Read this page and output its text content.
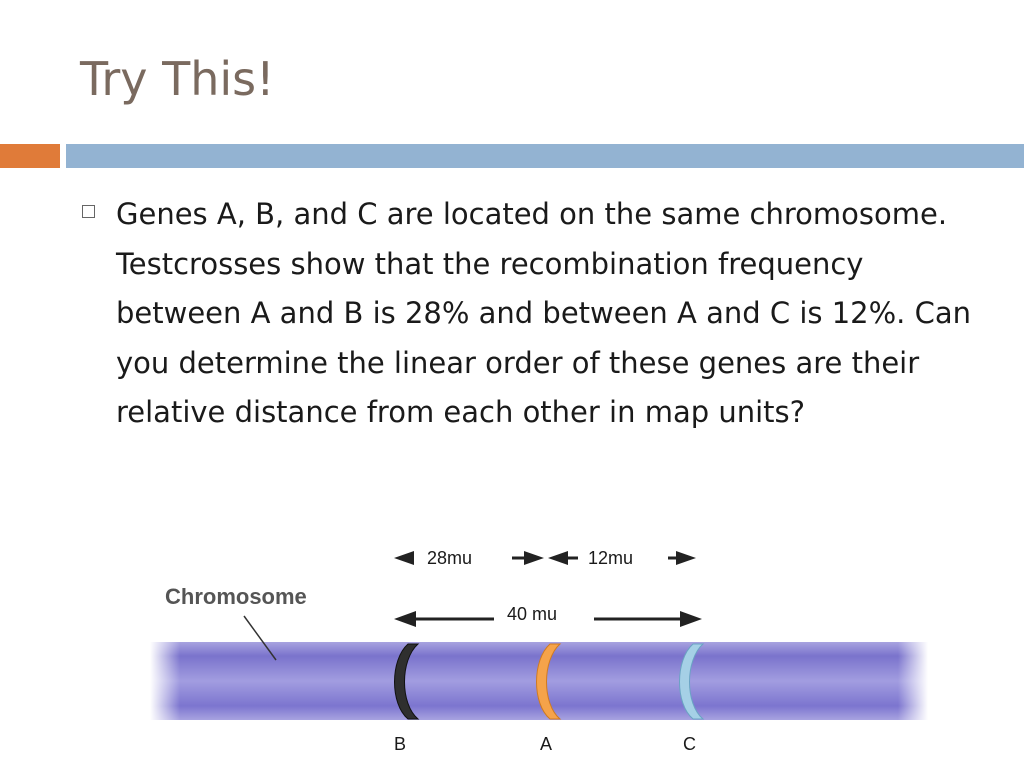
Try This!
Genes A, B, and C are located on the same chromosome. Testcrosses show that the recombination frequency between A and B is 28% and between A and C is 12%. Can you determine the linear order of these genes are their relative distance from each other in map units?
Chromosome
28mu	12mu
40 mu
B	A	C
